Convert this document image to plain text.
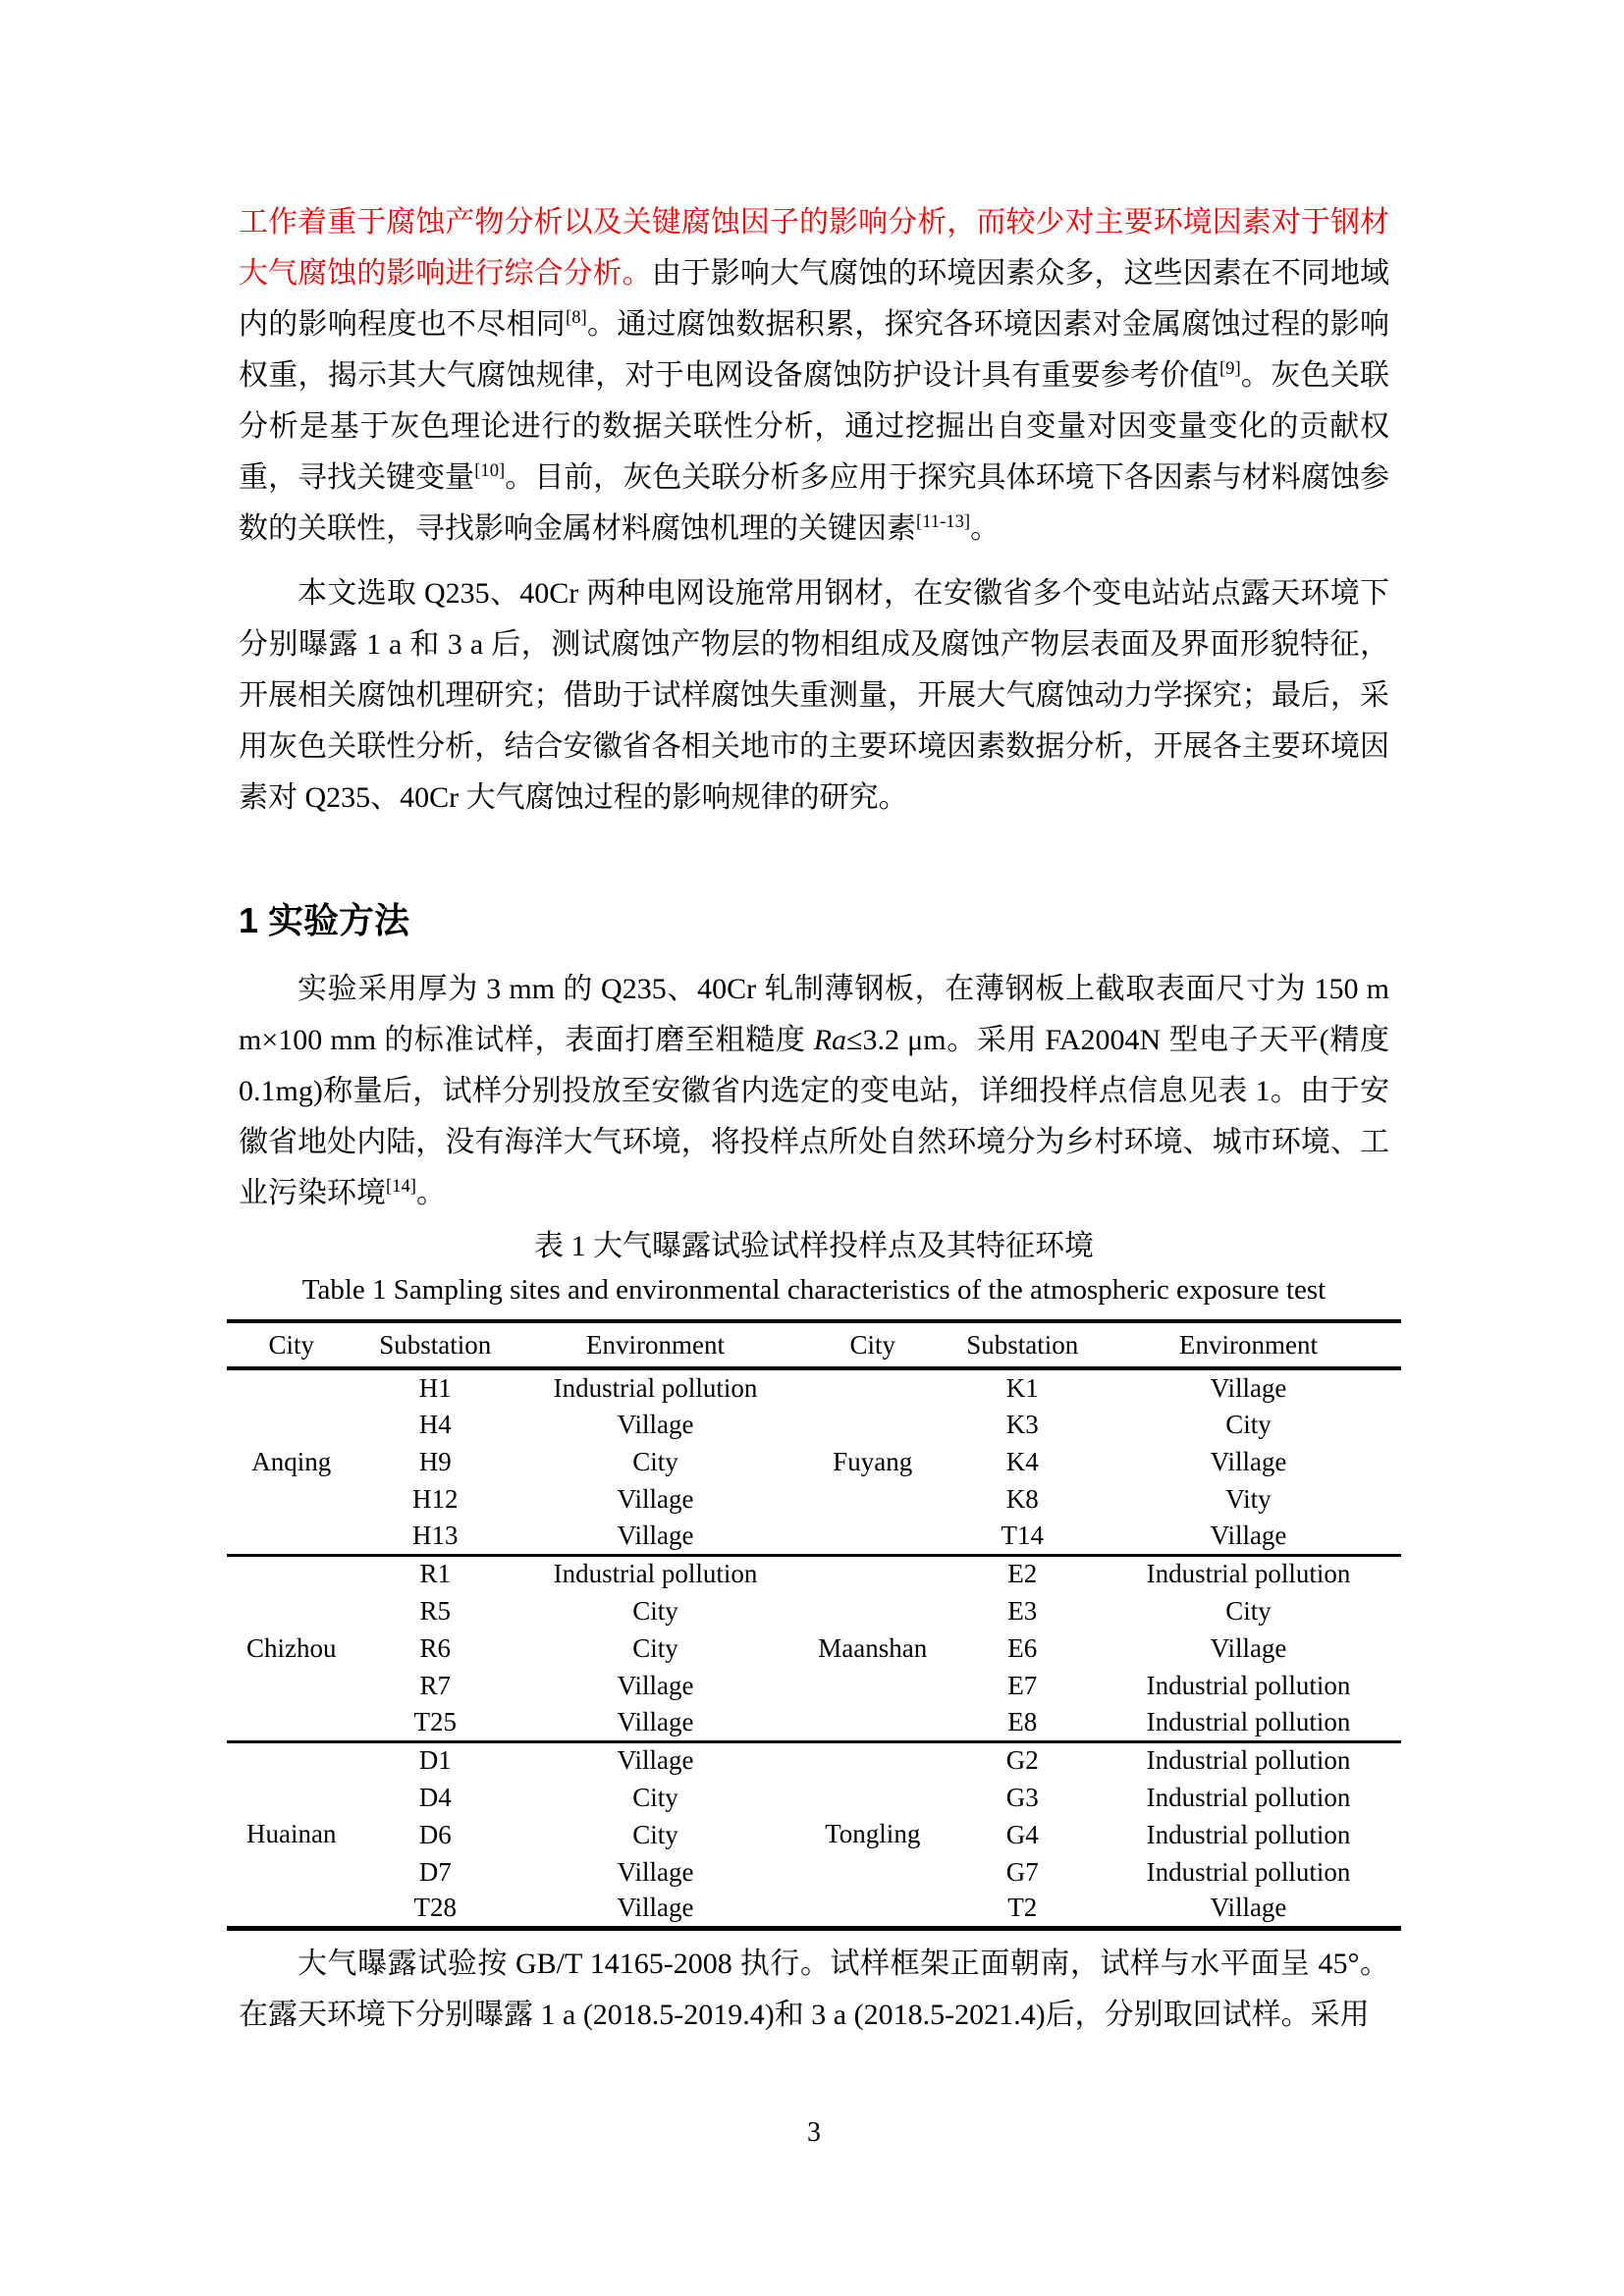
工作着重于腐蚀产物分析以及关键腐蚀因子的影响分析，而较少对主要环境因素对于钢材大气腐蚀的影响进行综合分析。由于影响大气腐蚀的环境因素众多，这些因素在不同地域内的影响程度也不尽相同[8]。通过腐蚀数据积累，探究各环境因素对金属腐蚀过程的影响权重，揭示其大气腐蚀规律，对于电网设备腐蚀防护设计具有重要参考价值[9]。灰色关联分析是基于灰色理论进行的数据关联性分析，通过挖掘出自变量对因变量变化的贡献权重，寻找关键变量[10]。目前，灰色关联分析多应用于探究具体环境下各因素与材料腐蚀参数的关联性，寻找影响金属材料腐蚀机理的关键因素[11-13]。

本文选取 Q235、40Cr 两种电网设施常用钢材，在安徽省多个变电站站点露天环境下分别曝露 1 a 和 3 a 后，测试腐蚀产物层的物相组成及腐蚀产物层表面及界面形貌特征，开展相关腐蚀机理研究；借助于试样腐蚀失重测量，开展大气腐蚀动力学探究；最后，采用灰色关联性分析，结合安徽省各相关地市的主要环境因素数据分析，开展各主要环境因素对 Q235、40Cr 大气腐蚀过程的影响规律的研究。

1 实验方法

实验采用厚为 3 mm 的 Q235、40Cr 轧制薄钢板，在薄钢板上截取表面尺寸为 150 mm×100 mm 的标准试样，表面打磨至粗糙度 Ra≤3.2 μm。采用 FA2004N 型电子天平(精度 0.1mg)称量后，试样分别投放至安徽省内选定的变电站，详细投样点信息见表 1。由于安徽省地处内陆，没有海洋大气环境，将投样点所处自然环境分为乡村环境、城市环境、工业污染环境[14]。

表 1 大气曝露试验试样投样点及其特征环境
Table 1 Sampling sites and environmental characteristics of the atmospheric exposure test
City	Substation	Environment	City	Substation	Environment
Anqing	H1	Industrial pollution	Fuyang	K1	Village
	H4	Village		K3	City
	H9	City		K4	Village
	H12	Village		K8	Vity
	H13	Village		T14	Village
Chizhou	R1	Industrial pollution	Maanshan	E2	Industrial pollution
	R5	City		E3	City
	R6	City		E6	Village
	R7	Village		E7	Industrial pollution
	T25	Village		E8	Industrial pollution
Huainan	D1	Village	Tongling	G2	Industrial pollution
	D4	City		G3	Industrial pollution
	D6	City		G4	Industrial pollution
	D7	Village		G7	Industrial pollution
	T28	Village		T2	Village

大气曝露试验按 GB/T 14165-2008 执行。试样框架正面朝南，试样与水平面呈 45°。在露天环境下分别曝露 1 a (2018.5-2019.4)和 3 a (2018.5-2021.4)后，分别取回试样。采用

3
